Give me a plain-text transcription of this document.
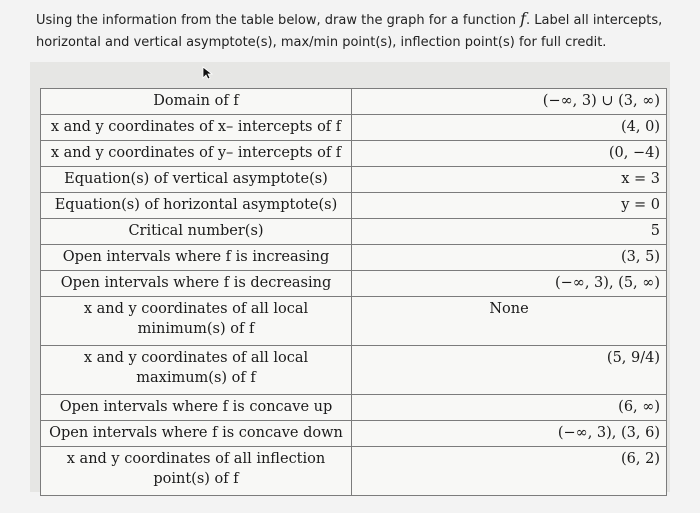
Using the information from the table below, draw the graph for a function f. Label all intercepts,
horizontal and vertical asymptote(s), max/min point(s), inflection point(s) for full credit.
Domain of f	(−∞, 3) ∪ (3, ∞)
x and y coordinates of x– intercepts of f	(4, 0)
x and y coordinates of y– intercepts of f	(0, −4)
Equation(s) of vertical asymptote(s)	x = 3
Equation(s) of horizontal asymptote(s)	y = 0
Critical number(s)	5
Open intervals where f is increasing	(3, 5)
Open intervals where f is decreasing	(−∞, 3), (5, ∞)
x and y coordinates of all local minimum(s) of f	None
x and y coordinates of all local maximum(s) of f	(5, 9/4)
Open intervals where f is concave up	(6, ∞)
Open intervals where f is concave down	(−∞, 3), (3, 6)
x and y coordinates of all inflection point(s) of f	(6, 2)
